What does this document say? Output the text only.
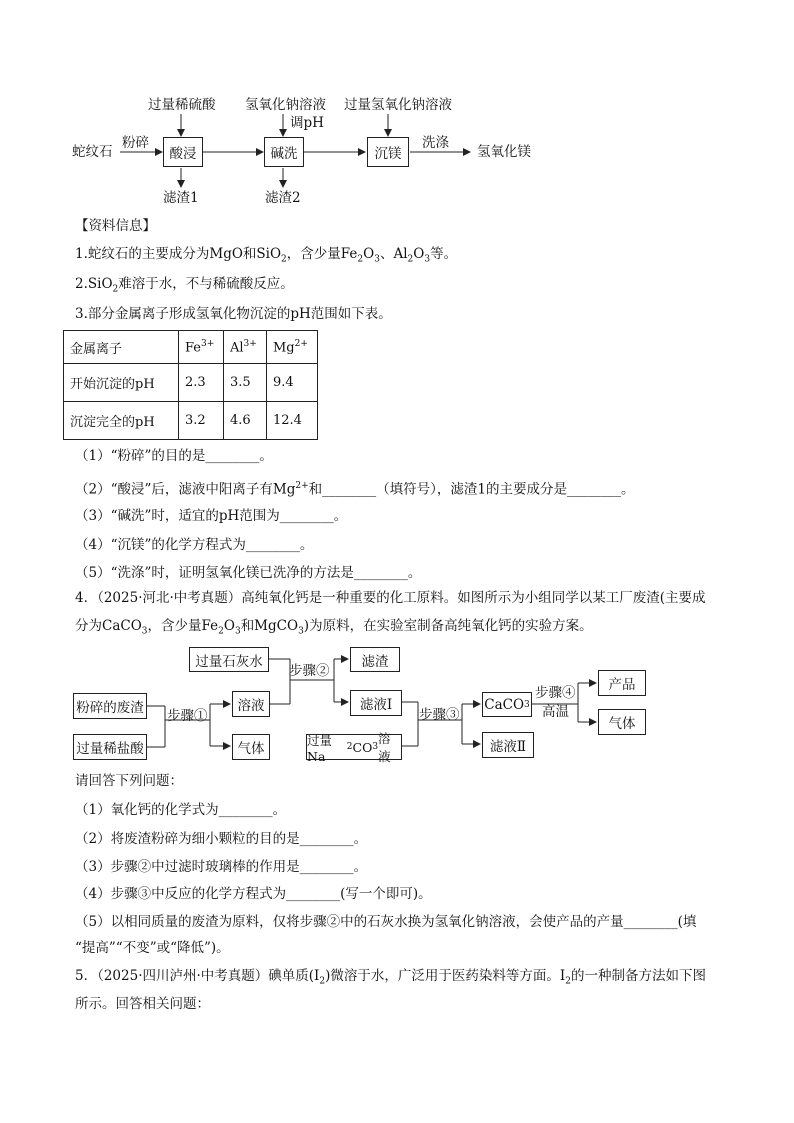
过量稀硫酸 氢氧化钠溶液
调pH
过量氢氧化钠溶液
蛇纹石
粉碎
酸浸	碱洗	沉镁
洗涤
氢氧化镁
滤渣1	滤渣2
【资料信息】
1.蛇纹石的主要成分为MgO和SiO$_2$，含少量$Fe_2O_3$、$Al_2O_3$等。
2.SiO$_2$难溶于水，不与稀硫酸反应。
3.部分金属离子形成氢氧化物沉淀的pH范围如下表。
金属离子	$Fe^{3+}$	$Al^{3+}$	$Mg^{2+}$
开始沉淀的pH	2.3	3.5	9.4
沉淀完全的pH	3.2	4.6	12.4
（1）“粉碎”的目的是________。
（2）“酸浸”后，滤液中阳离子有$Mg^{2+}$和________（填符号），滤渣1的主要成分是________。
（3）“碱洗”时，适宜的pH范围为________。
（4）“沉镁”的化学方程式为________。
（5）“洗涤”时，证明氢氧化镁已洗净的方法是________。
4．（2025·河北·中考真题）高纯氧化钙是一种重要的化工原料。如图所示为小组同学以某工厂废渣(主要成
分为CaCO$_3$，含少量$Fe_2O_3$和MgCO$_3$)为原料，在实验室制备高纯氧化钙的实验方案。
过量石灰水
步骤②
滤渣
粉碎的废渣 步骤①
溶液	滤液Ⅰ
步骤③
CaCO 3
步骤④
高温
产品
气体
过量稀盐酸	气体
过量Na
2 CO 3
溶液
滤液Ⅱ
请回答下列问题：
（1）氧化钙的化学式为________。
（2）将废渣粉碎为细小颗粒的目的是________。
（3）步骤②中过滤时玻璃棒的作用是________。
（4）步骤③中反应的化学方程式为________(写一个即可)。
（5）以相同质量的废渣为原料，仅将步骤②中的石灰水换为氢氧化钠溶液，会使产品的产量________(填
“提高”“不变”或“降低”)。
5．（2025·四川泸州·中考真题）碘单质$(I_2)$微溶于水，广泛用于医药染料等方面。$I_2$的一种制备方法如下图
所示。回答相关问题：
